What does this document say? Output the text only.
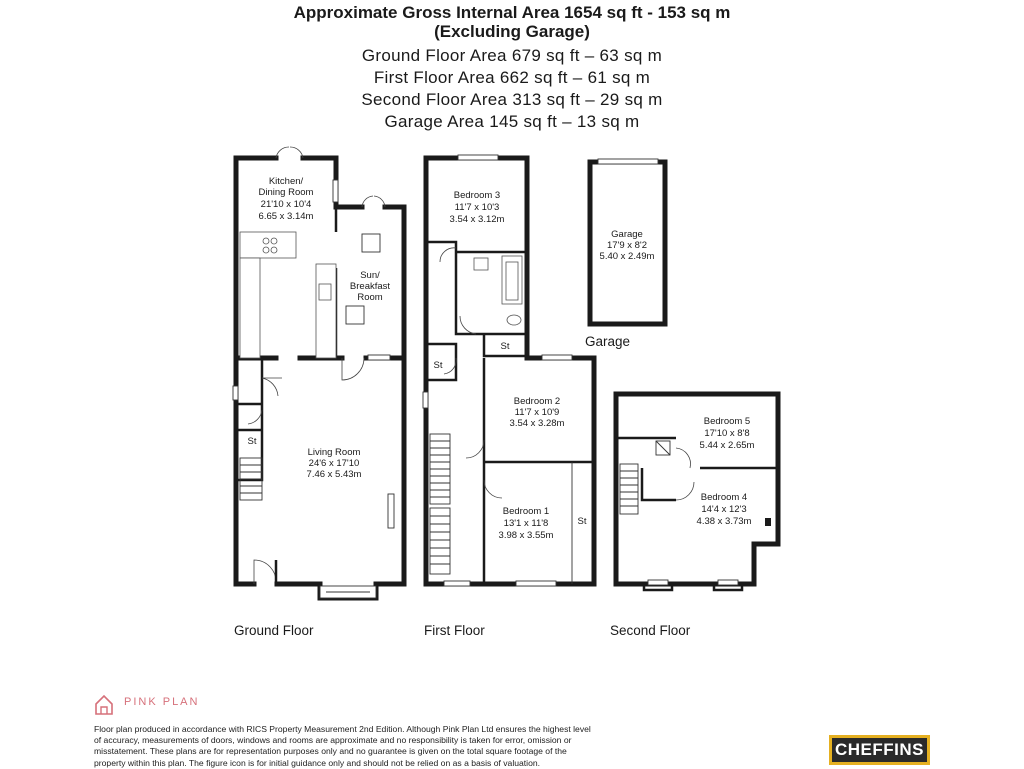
Approximate Gross Internal Area 1654 sq ft - 153 sq m
(Excluding Garage)
Ground Floor Area 679 sq ft – 63 sq m
First Floor Area 662 sq ft – 61 sq m
Second Floor Area 313 sq ft – 29 sq m
Garage Area 145 sq ft – 13 sq m
Kitchen/
Dining Room
21'10 x 10'4
6.65 x 3.14m
Sun/
Breakfast
Room
Living Room
24'6 x 17'10
7.46 x 5.43m
St
Bedroom 3
11'7 x 10'3
3.54 x 3.12m
Bedroom 2
11'7 x 10'9
3.54 x 3.28m
Bedroom 1
13'1 x 11'8
3.98 x 3.55m
St
St
St
Garage
17'9 x 8'2
5.40 x 2.49m
Bedroom 5
17'10 x 8'8
5.44 x 2.65m
Bedroom 4
14'4 x 12'3
4.38 x 3.73m
Ground Floor	First Floor	Second Floor
Garage
PINK PLAN
Floor plan produced in accordance with RICS Property Measurement 2nd Edition. Although Pink Plan Ltd ensures the highest level of accuracy, measurements of doors, windows and rooms are approximate and no responsibility is taken for error, omission or misstatement. These plans are for representation purposes only and no guarantee is given on the total square footage of the property within this plan. The figure icon is for initial guidance only and should not be relied on as a basis of valuation.
CHEFFINS
